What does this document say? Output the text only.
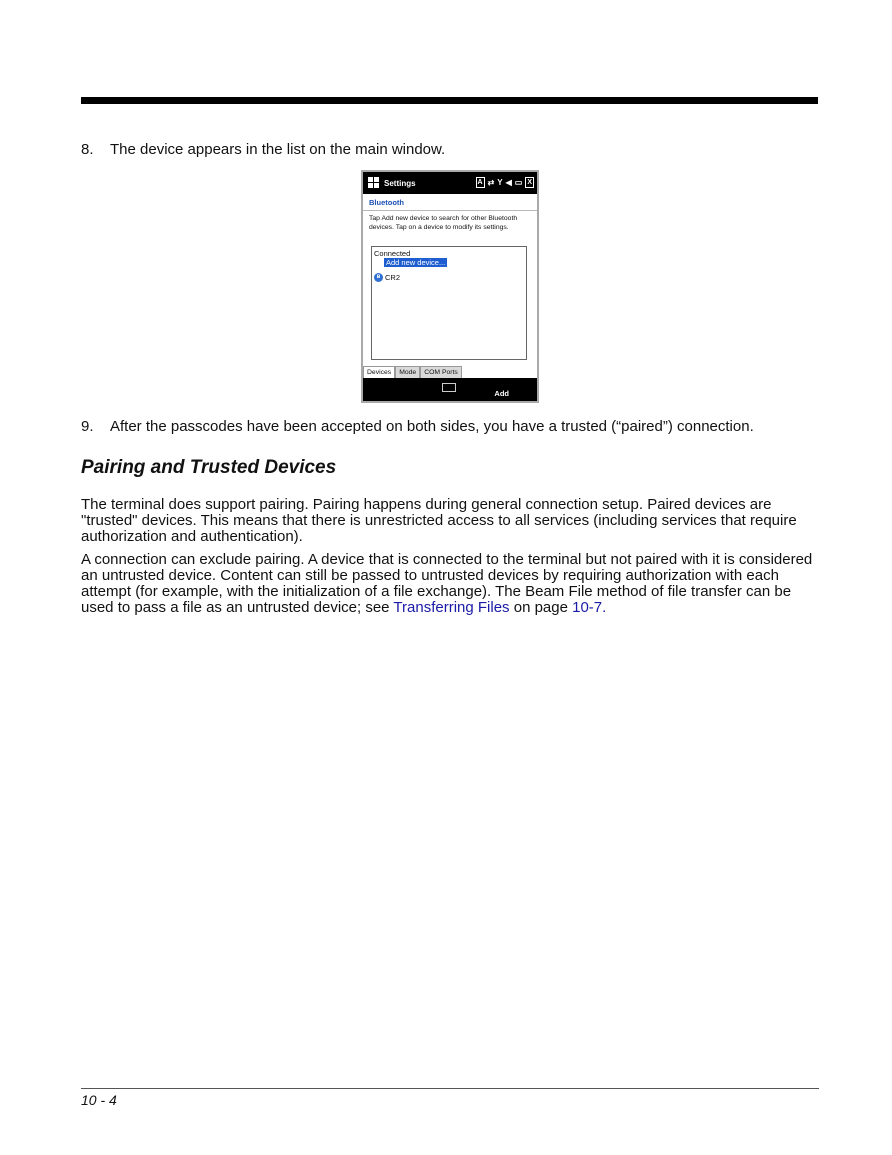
8. The device appears in the list on the main window.
Settings	A ⇄ Y ◀ ▭ X
Bluetooth
Tap Add new device to search for other Bluetooth devices. Tap on a device to modify its settings.
Connected
Add new device...
ʙ CR2
Devices	Mode	COM Ports
Add
9. After the passcodes have been accepted on both sides, you have a trusted (“paired”) connection.
Pairing and Trusted Devices

The terminal does support pairing. Pairing happens during general connection setup. Paired devices are "trusted" devices. This means that there is unrestricted access to all services (including services that require authorization and authentication).

A connection can exclude pairing. A device that is connected to the terminal but not paired with it is considered an untrusted device. Content can still be passed to untrusted devices by requiring authorization with each attempt (for example, with the initialization of a file exchange). The Beam File method of file transfer can be used to pass a file as an untrusted device; see Transferring Files on page 10-7.

10 - 4
